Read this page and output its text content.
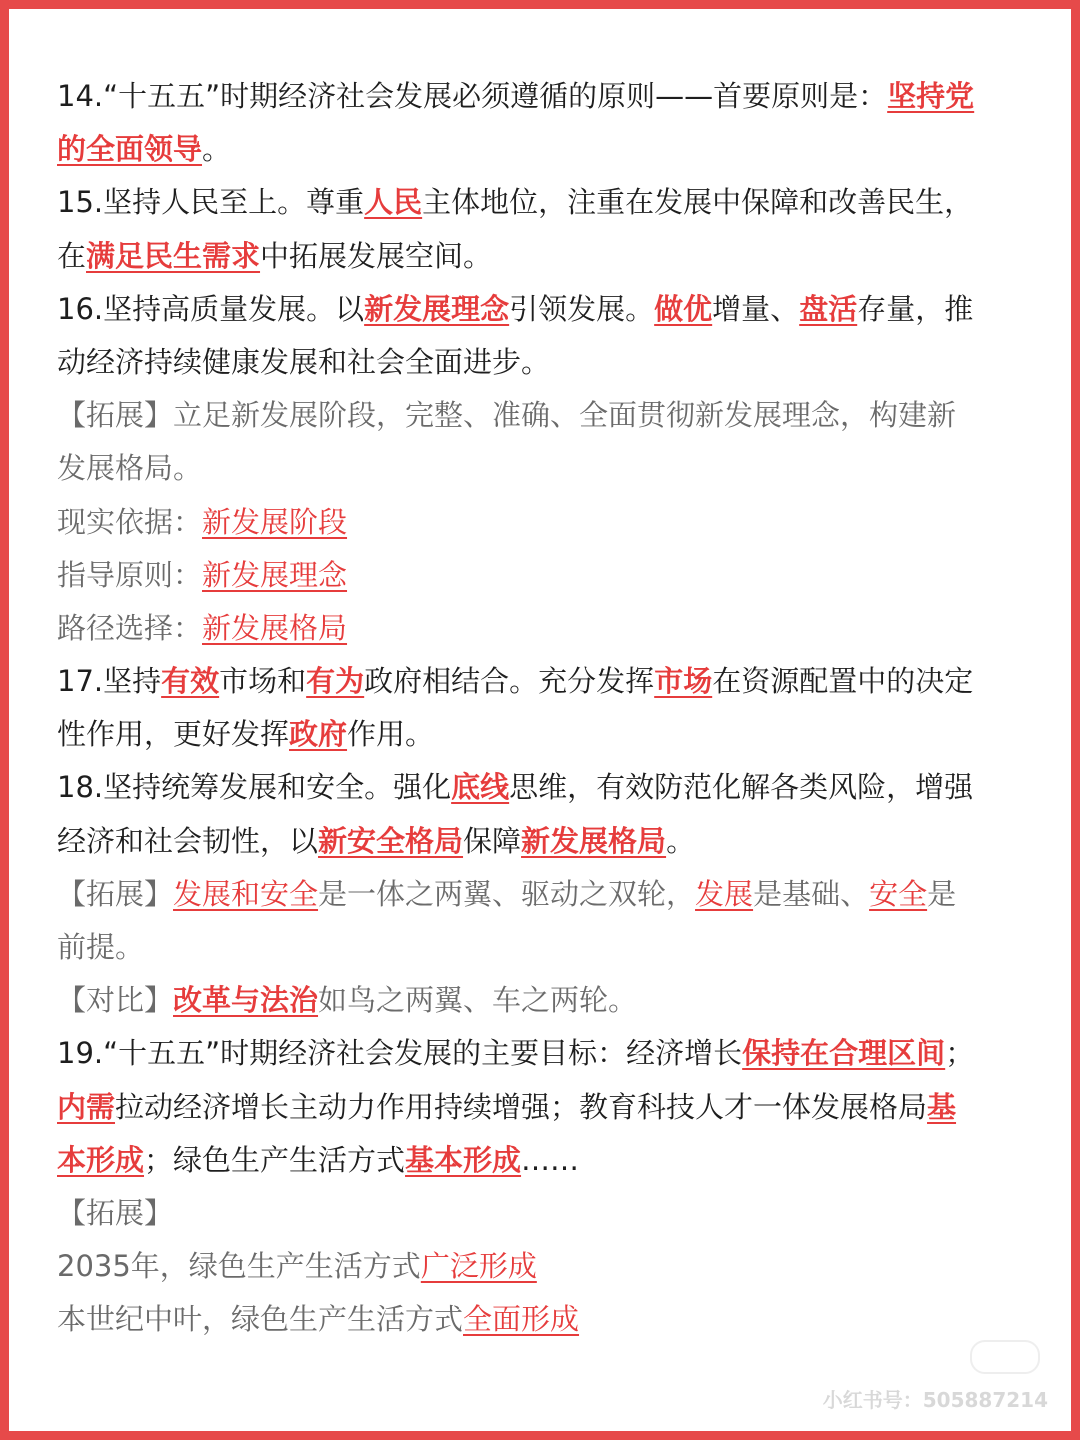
14.“十五五”时期经济社会发展必须遵循的原则——首要原则是：坚持党
的全面领导。
15.坚持人民至上。尊重人民主体地位，注重在发展中保障和改善民生，
在满足民生需求中拓展发展空间。
16.坚持高质量发展。以新发展理念引领发展。做优增量、盘活存量，推
动经济持续健康发展和社会全面进步。
【拓展】立足新发展阶段，完整、准确、全面贯彻新发展理念，构建新
发展格局。
现实依据：新发展阶段
指导原则：新发展理念
路径选择：新发展格局
17.坚持有效市场和有为政府相结合。充分发挥市场在资源配置中的决定
性作用，更好发挥政府作用。
18.坚持统筹发展和安全。强化底线思维，有效防范化解各类风险，增强
经济和社会韧性，以新安全格局保障新发展格局。
【拓展】发展和安全是一体之两翼、驱动之双轮，发展是基础、安全是
前提。
【对比】改革与法治如鸟之两翼、车之两轮。
19.“十五五”时期经济社会发展的主要目标：经济增长保持在合理区间；
内需拉动经济增长主动力作用持续增强；教育科技人才一体发展格局基
本形成；绿色生产生活方式基本形成……
【拓展】
2035年，绿色生产生活方式广泛形成
本世纪中叶，绿色生产生活方式全面形成
小红书号：505887214
